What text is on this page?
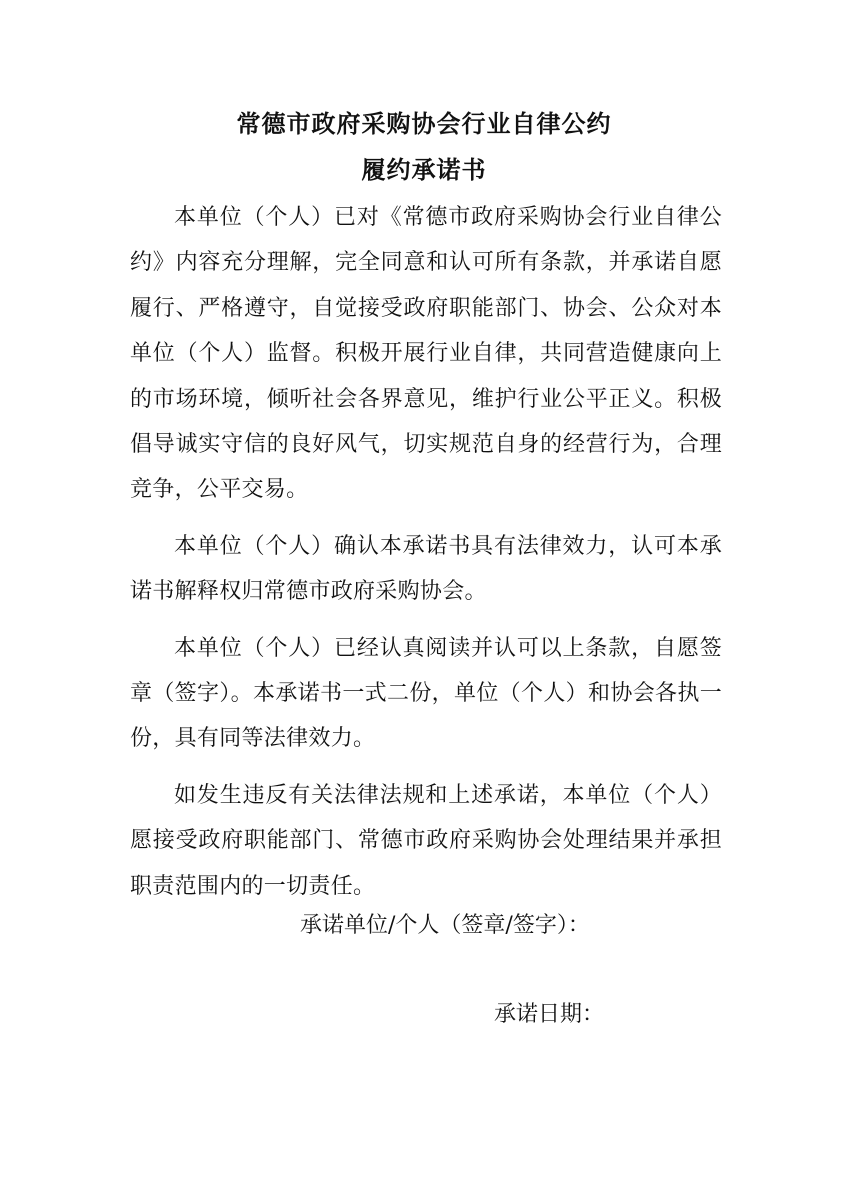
常德市政府采购协会行业自律公约
履约承诺书

本单位（个人）已对《常德市政府采购协会行业自律公约》内容充分理解，完全同意和认可所有条款，并承诺自愿履行、严格遵守，自觉接受政府职能部门、协会、公众对本单位（个人）监督。积极开展行业自律，共同营造健康向上的市场环境，倾听社会各界意见，维护行业公平正义。积极倡导诚实守信的良好风气，切实规范自身的经营行为，合理竞争，公平交易。

本单位（个人）确认本承诺书具有法律效力，认可本承诺书解释权归常德市政府采购协会。

本单位（个人）已经认真阅读并认可以上条款，自愿签章（签字）。本承诺书一式二份，单位（个人）和协会各执一份，具有同等法律效力。

如发生违反有关法律法规和上述承诺，本单位（个人）愿接受政府职能部门、常德市政府采购协会处理结果并承担职责范围内的一切责任。

承诺单位/个人（签章/签字）：
承诺日期：
